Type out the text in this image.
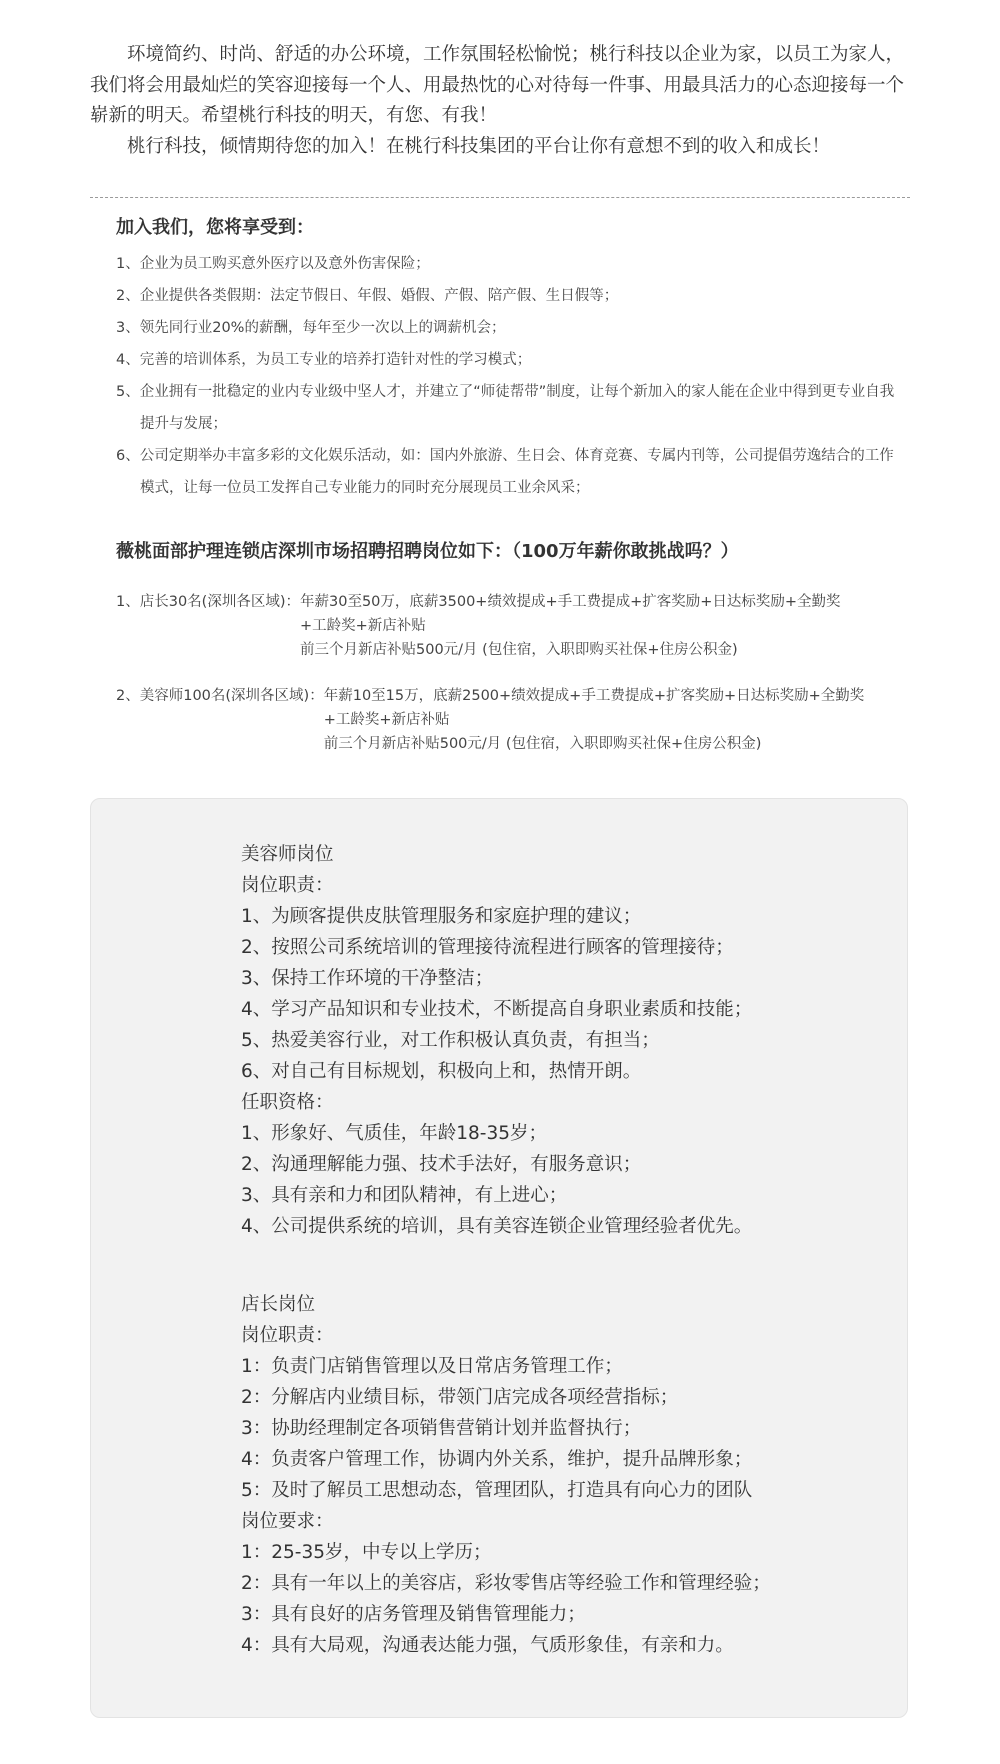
环境简约、时尚、舒适的办公环境，工作氛围轻松愉悦；桃行科技以企业为家，以员工为家人，我们将会用最灿烂的笑容迎接每一个人、用最热忱的心对待每一件事、用最具活力的心态迎接每一个崭新的明天。希望桃行科技的明天，有您、有我！

桃行科技，倾情期待您的加入！在桃行科技集团的平台让你有意想不到的收入和成长！

加入我们，您将享受到：
1、企业为员工购买意外医疗以及意外伤害保险；
2、企业提供各类假期：法定节假日、年假、婚假、产假、陪产假、生日假等；
3、领先同行业20%的薪酬，每年至少一次以上的调薪机会；
4、完善的培训体系，为员工专业的培养打造针对性的学习模式；
5、企业拥有一批稳定的业内专业级中坚人才，并建立了“师徒帮带”制度，让每个新加入的家人能在企业中得到更专业自我提升与发展；
6、公司定期举办丰富多彩的文化娱乐活动，如：国内外旅游、生日会、体育竞赛、专属内刊等，公司提倡劳逸结合的工作模式，让每一位员工发挥自己专业能力的同时充分展现员工业余风采；
薇桃面部护理连锁店深圳市场招聘招聘岗位如下：（100万年薪你敢挑战吗？）
1、店长30名(深圳各区域)： 年薪30至50万，底薪3500+绩效提成+手工费提成+扩客奖励+日达标奖励+全勤奖
+工龄奖+新店补贴
前三个月新店补贴500元/月 (包住宿，入职即购买社保+住房公积金)
2、美容师100名(深圳各区域)： 年薪10至15万，底薪2500+绩效提成+手工费提成+扩客奖励+日达标奖励+全勤奖
+工龄奖+新店补贴
前三个月新店补贴500元/月 (包住宿，入职即购买社保+住房公积金)
美容师岗位
岗位职责：
1、为顾客提供皮肤管理服务和家庭护理的建议；
2、按照公司系统培训的管理接待流程进行顾客的管理接待；
3、保持工作环境的干净整洁；
4、学习产品知识和专业技术，不断提高自身职业素质和技能；
5、热爱美容行业，对工作积极认真负责，有担当；
6、对自己有目标规划，积极向上和，热情开朗。
任职资格：
1、形象好、气质佳，年龄18-35岁；
2、沟通理解能力强、技术手法好，有服务意识；
3、具有亲和力和团队精神，有上进心；
4、公司提供系统的培训，具有美容连锁企业管理经验者优先。
店长岗位
岗位职责：
1：负责门店销售管理以及日常店务管理工作；
2：分解店内业绩目标，带领门店完成各项经营指标；
3：协助经理制定各项销售营销计划并监督执行；
4：负责客户管理工作，协调内外关系，维护，提升品牌形象；
5：及时了解员工思想动态，管理团队，打造具有向心力的团队
岗位要求：
1：25-35岁，中专以上学历；
2：具有一年以上的美容店，彩妆零售店等经验工作和管理经验；
3：具有良好的店务管理及销售管理能力；
4：具有大局观，沟通表达能力强，气质形象佳，有亲和力。
